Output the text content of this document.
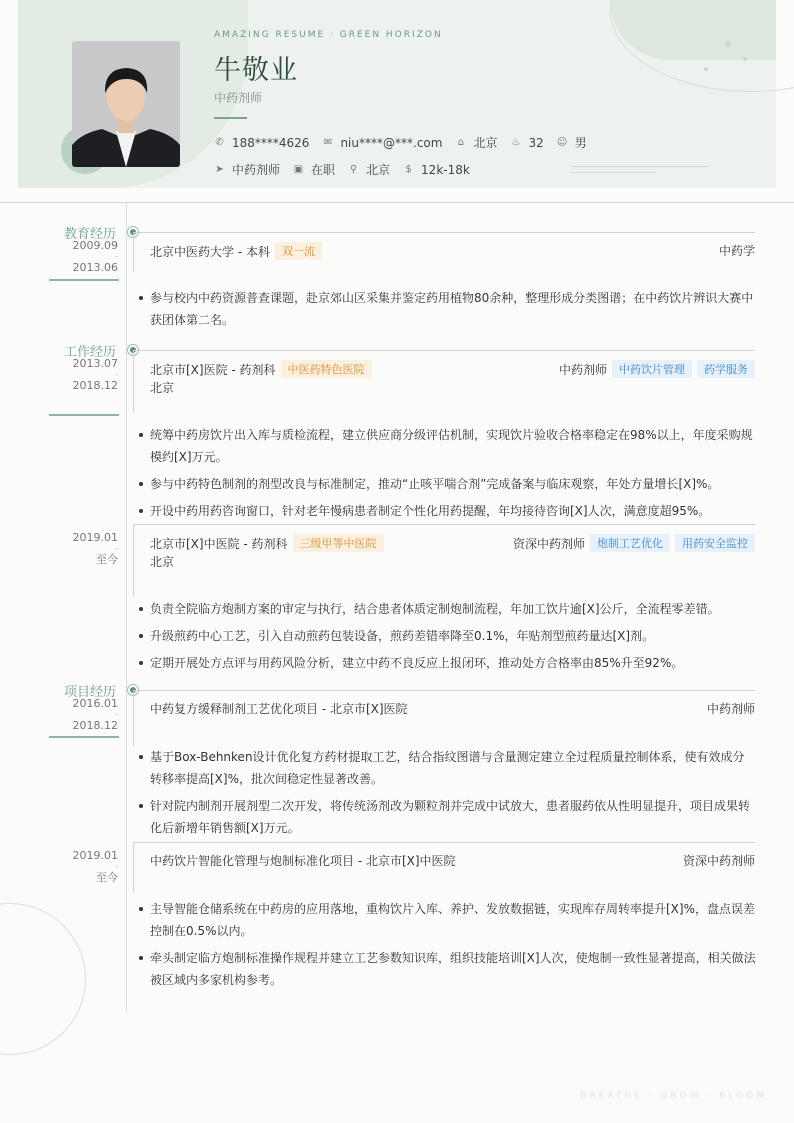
AMAZING RESUME · GREEN HORIZON
牛敬业
中药剂师
✆ 188****4626 ✉ niu****@***.com ⌂ 北京 ♨ 32 ☺ 男
➤ 中药剂师 ▣ 在职 ⚲ 北京 $ 12k-18k
教育经历
2009.09
-
2013.06
北京中医药大学 - 本科	双一流	中药学
参与校内中药资源普查课题，赴京郊山区采集并鉴定药用植物80余种，整理形成分类图谱；在中药饮片辨识大赛中获团体第二名。
工作经历
2013.07
-
2018.12
北京市[X]医院 - 药剂科	中医药特色医院
北京
中药剂师	中药饮片管理	药学服务
统筹中药房饮片出入库与质检流程，建立供应商分级评估机制，实现饮片验收合格率稳定在98%以上，年度采购规模约[X]万元。
参与中药特色制剂的剂型改良与标准制定，推动“止咳平喘合剂”完成备案与临床观察，年处方量增长[X]%。
开设中药用药咨询窗口，针对老年慢病患者制定个性化用药提醒，年均接待咨询[X]人次，满意度超95%。
2019.01
-
至今
北京市[X]中医院 - 药剂科	三级甲等中医院
北京
资深中药剂师	炮制工艺优化	用药安全监控
负责全院临方炮制方案的审定与执行，结合患者体质定制炮制流程，年加工饮片逾[X]公斤，全流程零差错。
升级煎药中心工艺，引入自动煎药包装设备，煎药差错率降至0.1%，年贴剂型煎药量达[X]剂。
定期开展处方点评与用药风险分析，建立中药不良反应上报闭环，推动处方合格率由85%升至92%。
项目经历
2016.01
-
2018.12
中药复方缓释制剂工艺优化项目 - 北京市[X]医院	中药剂师
基于Box-Behnken设计优化复方药材提取工艺，结合指纹图谱与含量测定建立全过程质量控制体系，使有效成分转移率提高[X]%，批次间稳定性显著改善。
针对院内制剂开展剂型二次开发，将传统汤剂改为颗粒剂并完成中试放大，患者服药依从性明显提升，项目成果转化后新增年销售额[X]万元。
2019.01
-
至今
中药饮片智能化管理与炮制标准化项目 - 北京市[X]中医院	资深中药剂师
主导智能仓储系统在中药房的应用落地，重构饮片入库、养护、发放数据链，实现库存周转率提升[X]%，盘点误差控制在0.5%以内。
牵头制定临方炮制标准操作规程并建立工艺参数知识库，组织技能培训[X]人次，使炮制一致性显著提高，相关做法被区域内多家机构参考。
BREATHE · GROW · BLOOM
